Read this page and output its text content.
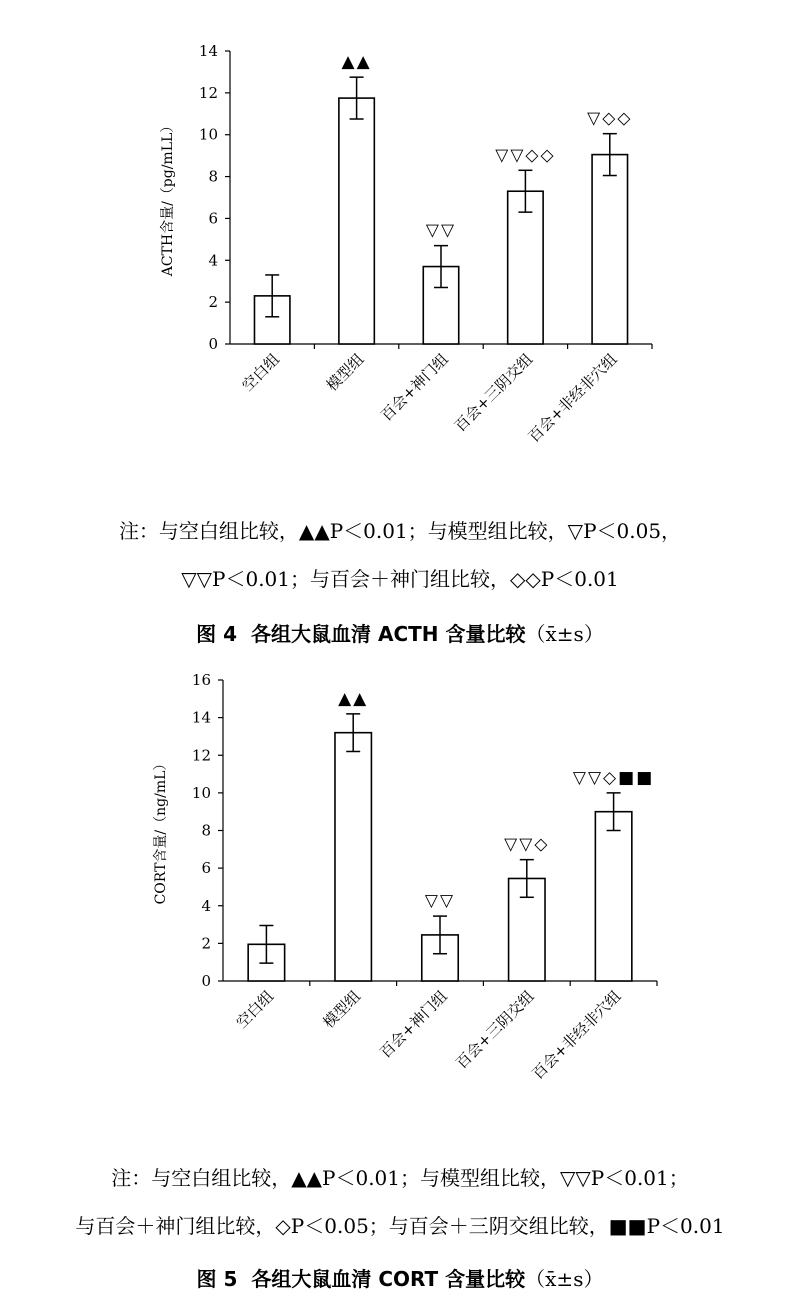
0
2
4
6
8
10
12
14
ACTH含量/（pg/mLL）
空白组
▲▲
模型组
▽▽
百会+神门组
▽▽◇◇
百会+三阴交组
▽◇◇
百会+非经非穴组
注：与空白组比较，▲▲P＜0.01；与模型组比较，▽P＜0.05，
▽▽P＜0.01；与百会＋神门组比较，◇◇P＜0.01
图 4 各组大鼠血清 ACTH 含量比较（x̄±s）
0
2
4
6
8
10
12
14
16
CORT含量/（ng/mL）
空白组
▲▲
模型组
▽▽
百会+神门组
▽▽◇
百会+三阴交组
▽▽◇■■
百会+非经非穴组
注：与空白组比较，▲▲P＜0.01；与模型组比较，▽▽P＜0.01；
与百会＋神门组比较，◇P＜0.05；与百会＋三阴交组比较，■■P＜0.01
图 5 各组大鼠血清 CORT 含量比较（x̄±s）
